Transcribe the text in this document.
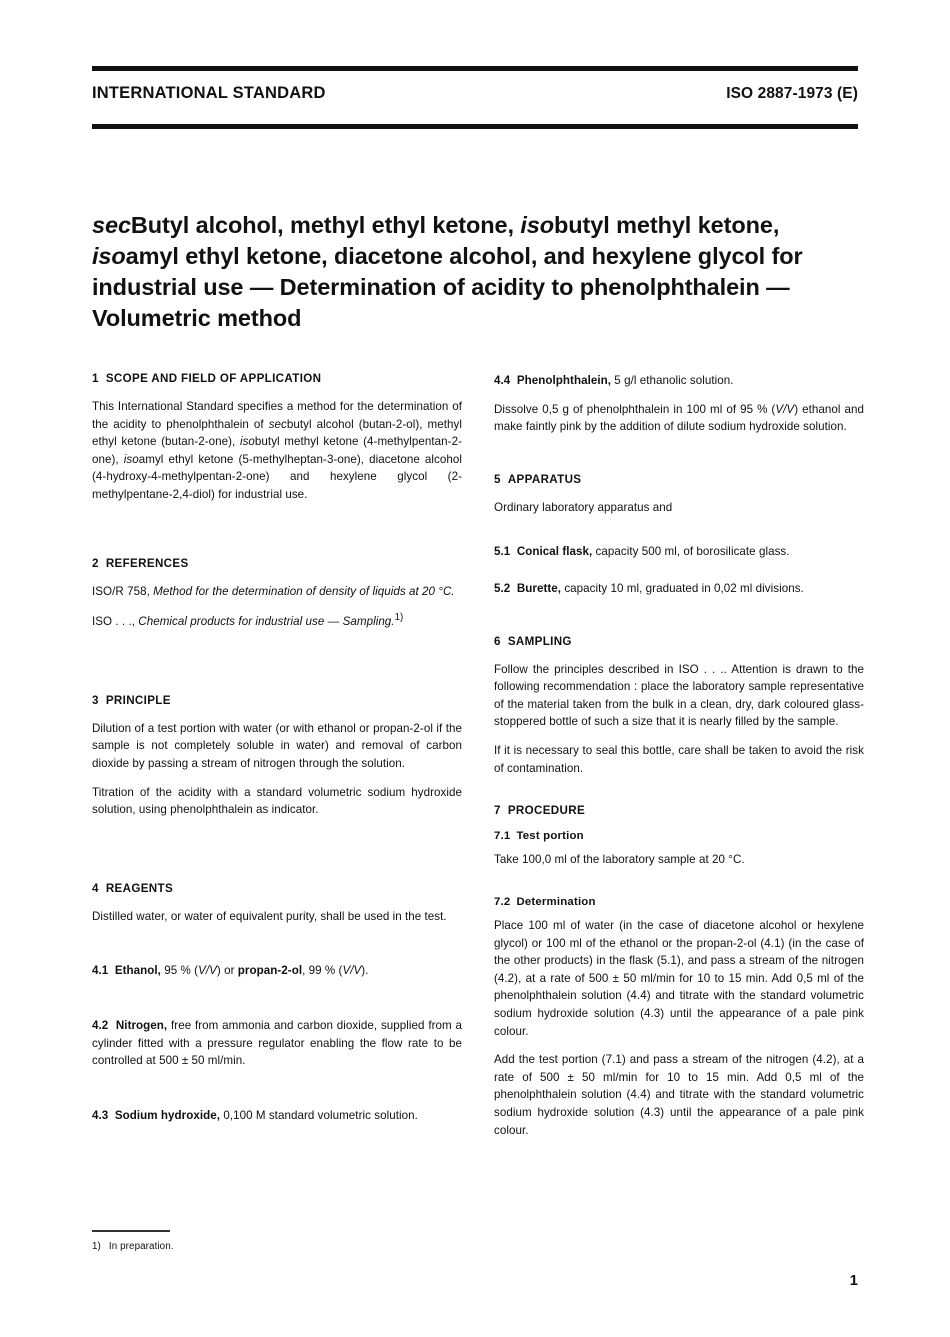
INTERNATIONAL STANDARD	ISO 2887-1973 (E)
secButyl alcohol, methyl ethyl ketone, isobutyl methyl ketone, isoamyl ethyl ketone, diacetone alcohol, and hexylene glycol for industrial use — Determination of acidity to phenolphthalein — Volumetric method
1 SCOPE AND FIELD OF APPLICATION

This International Standard specifies a method for the determination of the acidity to phenolphthalein of secbutyl alcohol (butan-2-ol), methyl ethyl ketone (butan-2-one), isobutyl methyl ketone (4-methylpentan-2-one), isoamyl ethyl ketone (5-methylheptan-3-one), diacetone alcohol (4-hydroxy-4-methylpentan-2-one) and hexylene glycol (2-methylpentane-2,4-diol) for industrial use.

2 REFERENCES

ISO/R 758, Method for the determination of density of liquids at 20 °C.

ISO . . ., Chemical products for industrial use — Sampling.$^{1)}$

3 PRINCIPLE

Dilution of a test portion with water (or with ethanol or propan-2-ol if the sample is not completely soluble in water) and removal of carbon dioxide by passing a stream of nitrogen through the solution.

Titration of the acidity with a standard volumetric sodium hydroxide solution, using phenolphthalein as indicator.

4 REAGENTS

Distilled water, or water of equivalent purity, shall be used in the test.

4.1 Ethanol, 95 % (V/V) or propan-2-ol, 99 % (V/V).

4.2 Nitrogen, free from ammonia and carbon dioxide, supplied from a cylinder fitted with a pressure regulator enabling the flow rate to be controlled at 500 ± 50 ml/min.

4.3 Sodium hydroxide, 0,100 M standard volumetric solution.

4.4 Phenolphthalein, 5 g/l ethanolic solution.

Dissolve 0,5 g of phenolphthalein in 100 ml of 95 % (V/V) ethanol and make faintly pink by the addition of dilute sodium hydroxide solution.

5 APPARATUS

Ordinary laboratory apparatus and

5.1 Conical flask, capacity 500 ml, of borosilicate glass.

5.2 Burette, capacity 10 ml, graduated in 0,02 ml divisions.

6 SAMPLING

Follow the principles described in ISO . . .. Attention is drawn to the following recommendation : place the laboratory sample representative of the material taken from the bulk in a clean, dry, dark coloured glass-stoppered bottle of such a size that it is nearly filled by the sample.

If it is necessary to seal this bottle, care shall be taken to avoid the risk of contamination.

7 PROCEDURE
7.1 Test portion

Take 100,0 ml of the laboratory sample at 20 °C.

7.2 Determination

Place 100 ml of water (in the case of diacetone alcohol or hexylene glycol) or 100 ml of the ethanol or the propan-2-ol (4.1) (in the case of the other products) in the flask (5.1), and pass a stream of the nitrogen (4.2), at a rate of 500 ± 50 ml/min for 10 to 15 min. Add 0,5 ml of the phenolphthalein solution (4.4) and titrate with the standard volumetric sodium hydroxide solution (4.3) until the appearance of a pale pink colour.

Add the test portion (7.1) and pass a stream of the nitrogen (4.2), at a rate of 500 ± 50 ml/min for 10 to 15 min. Add 0,5 ml of the phenolphthalein solution (4.4) and titrate with the standard volumetric sodium hydroxide solution (4.3) until the appearance of a pale pink colour.

1) In preparation.
1
